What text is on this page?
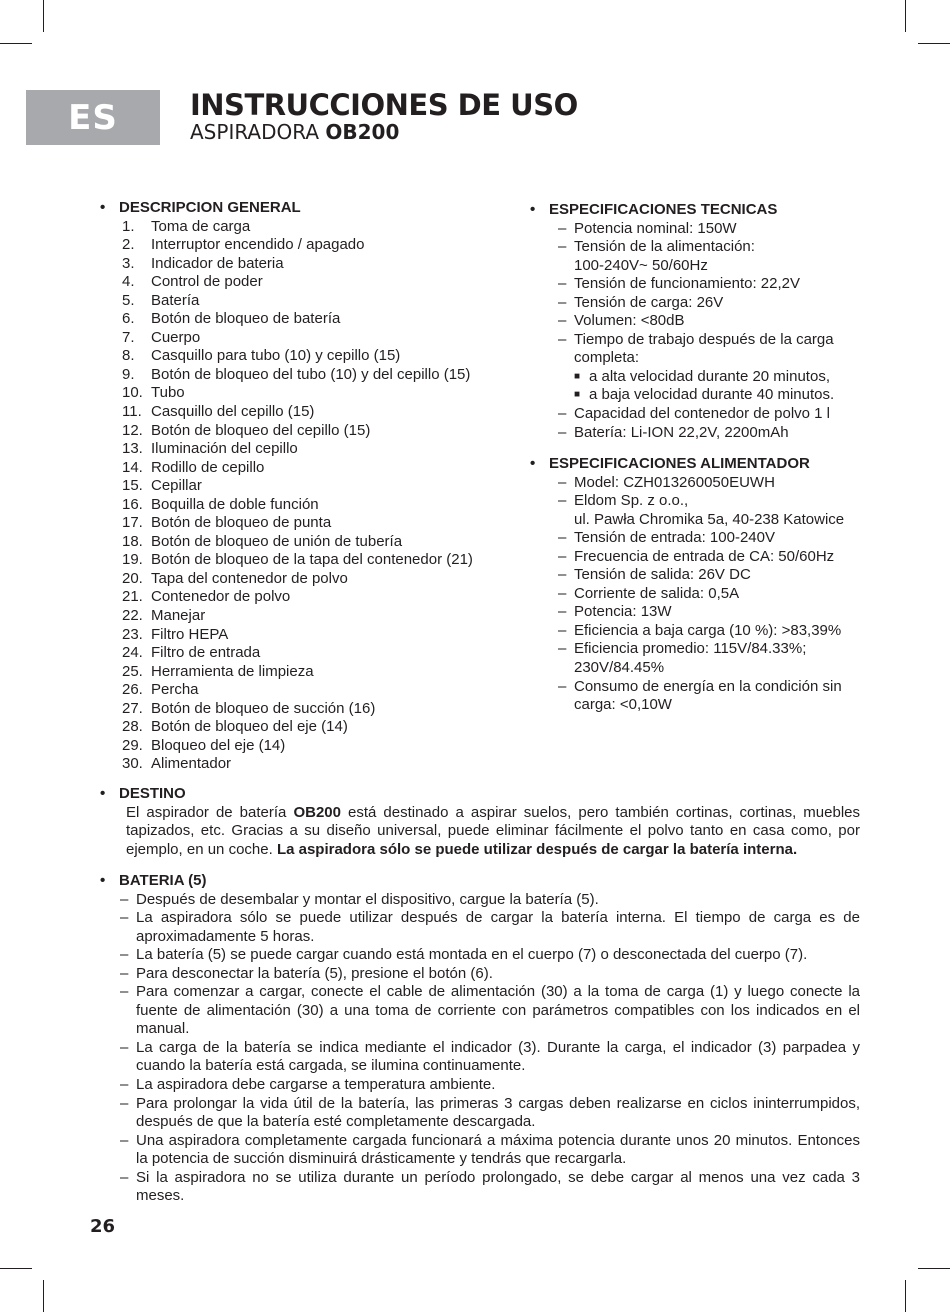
ES INSTRUCCIONES DE USO
ASPIRADORA OB200
• DESCRIPCION GENERAL
1. Toma de carga
2. Interruptor encendido / apagado
3. Indicador de bateria
4. Control de poder
5. Batería
6. Botón de bloqueo de batería
7. Cuerpo
8. Casquillo para tubo (10) y cepillo (15)
9. Botón de bloqueo del tubo (10) y del cepillo (15)
10. Tubo
11. Casquillo del cepillo (15)
12. Botón de bloqueo del cepillo (15)
13. Iluminación del cepillo
14. Rodillo de cepillo
15. Cepillar
16. Boquilla de doble función
17. Botón de bloqueo de punta
18. Botón de bloqueo de unión de tubería
19. Botón de bloqueo de la tapa del contenedor (21)
20. Tapa del contenedor de polvo
21. Contenedor de polvo
22. Manejar
23. Filtro HEPA
24. Filtro de entrada
25. Herramienta de limpieza
26. Percha
27. Botón de bloqueo de succión (16)
28. Botón de bloqueo del eje (14)
29. Bloqueo del eje (14)
30. Alimentador
• ESPECIFICACIONES TECNICAS
– Potencia nominal: 150W
– Tensión de la alimentación:
100-240V~ 50/60Hz
– Tensión de funcionamiento: 22,2V
– Tensión de carga: 26V
– Volumen: <80dB
– Tiempo de trabajo después de la carga
completa:
■ a alta velocidad durante 20 minutos,
■ a baja velocidad durante 40 minutos.
– Capacidad del contenedor de polvo 1 l
– Batería: Li-ION 22,2V, 2200mAh
• ESPECIFICACIONES ALIMENTADOR
– Model: CZH013260050EUWH
– Eldom Sp. z o.o.,
ul. Pawła Chromika 5a, 40-238 Katowice
– Tensión de entrada: 100-240V
– Frecuencia de entrada de CA: 50/60Hz
– Tensión de salida: 26V DC
– Corriente de salida: 0,5A
– Potencia: 13W
– Eficiencia a baja carga (10 %): >83,39%
– Eficiencia promedio: 115V/84.33%;
230V/84.45%
– Consumo de energía en la condición sin
carga: <0,10W
• DESTINO
El aspirador de batería OB200 está destinado a aspirar suelos, pero también cortinas, cortinas, muebles tapizados, etc. Gracias a su diseño universal, puede eliminar fácilmente el polvo tanto en casa como, por ejemplo, en un coche. La aspiradora sólo se puede utilizar después de cargar la batería interna.
• BATERIA (5)
– Después de desembalar y montar el dispositivo, cargue la batería (5).
– La aspiradora sólo se puede utilizar después de cargar la batería interna. El tiempo de carga es de aproximadamente 5 horas.
– La batería (5) se puede cargar cuando está montada en el cuerpo (7) o desconectada del cuerpo (7).
– Para desconectar la batería (5), presione el botón (6).
– Para comenzar a cargar, conecte el cable de alimentación (30) a la toma de carga (1) y luego conecte la fuente de alimentación (30) a una toma de corriente con parámetros compatibles con los indicados en el manual.
– La carga de la batería se indica mediante el indicador (3). Durante la carga, el indicador (3) parpadea y cuando la batería está cargada, se ilumina continuamente.
– La aspiradora debe cargarse a temperatura ambiente.
– Para prolongar la vida útil de la batería, las primeras 3 cargas deben realizarse en ciclos ininterrumpidos, después de que la batería esté completamente descargada.
– Una aspiradora completamente cargada funcionará a máxima potencia durante unos 20 minutos. Entonces la potencia de succión disminuirá drásticamente y tendrás que recargarla.
– Si la aspiradora no se utiliza durante un período prolongado, se debe cargar al menos una vez cada 3 meses.
26
